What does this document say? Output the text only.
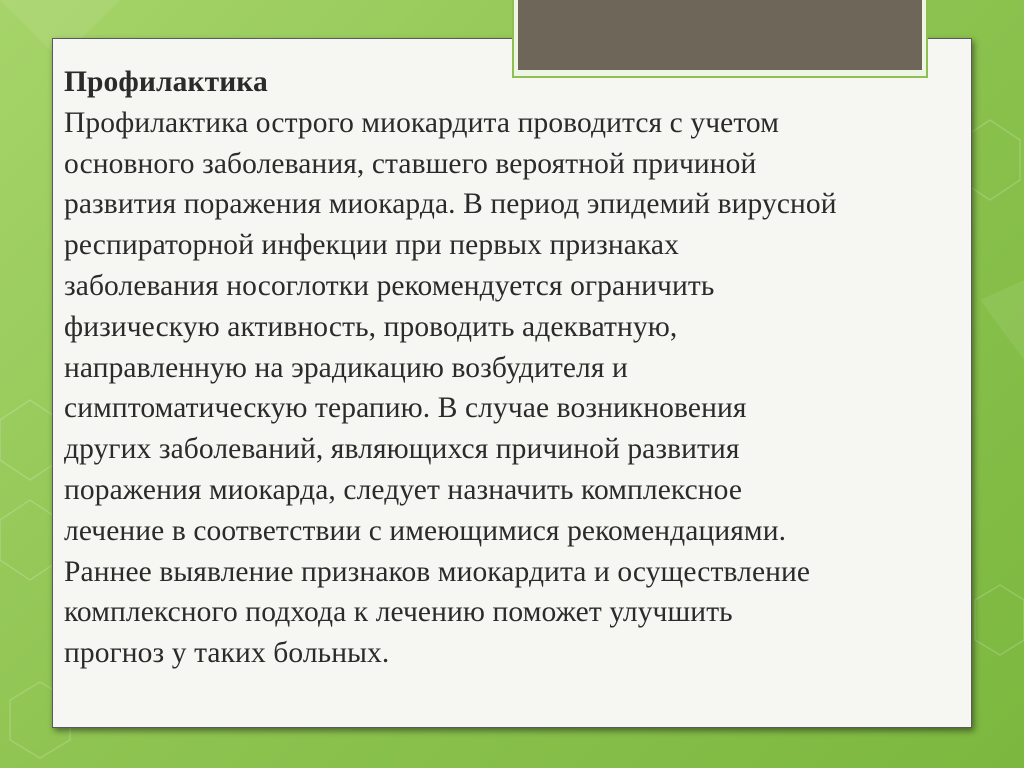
Профилактика

Профилактика острого миокардита проводится с учетом

основного заболевания, ставшего вероятной причиной

развития поражения миокарда. В период эпидемий вирусной

респираторной инфекции при первых признаках

заболевания носоглотки рекомендуется ограничить

физическую активность, проводить адекватную,

направленную на эрадикацию возбудителя и

симптоматическую терапию. В случае возникновения

других заболеваний, являющихся причиной развития

поражения миокарда, следует назначить комплексное

лечение в соответствии с имеющимися рекомендациями.

Раннее выявление признаков миокардита и осуществление

комплексного подхода к лечению поможет улучшить

прогноз у таких больных.
